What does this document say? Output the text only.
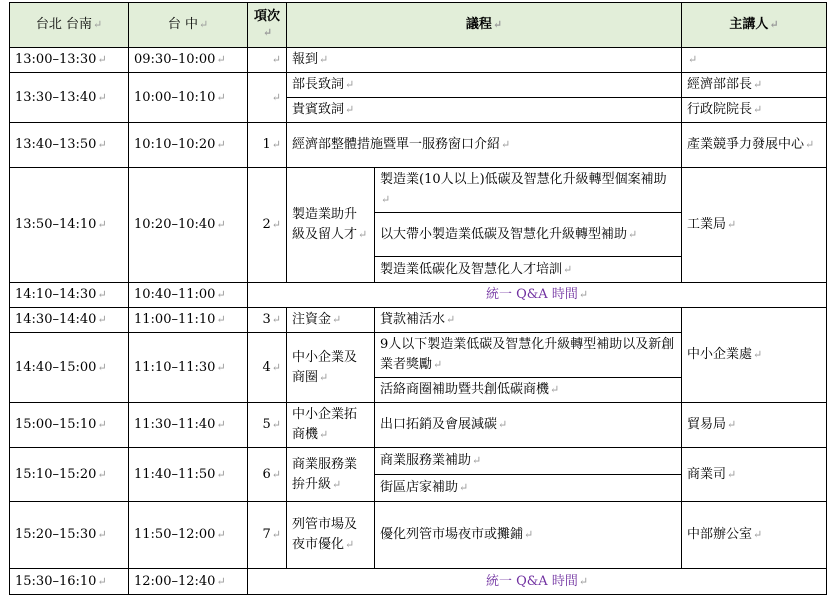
台北 台南↵	台 中↵	項次↵	議程↵		主講人↵
13:00–13:30↵	09:30–10:00↵	↵	報到↵		↵
13:30–13:40↵	10:00–10:10↵	↵	部長致詞↵		經濟部部長↵
			貴賓致詞↵		行政院院長↵
13:40–13:50↵	10:10–10:20↵	1↵	經濟部整體措施暨單一服務窗口介紹↵		產業競爭力發展中心↵
13:50–14:10↵	10:20–10:40↵	2↵	製造業助升級及留人才↵	製造業(10人以上)低碳及智慧化升級轉型個案補助↵	工業局↵
				以大帶小製造業低碳及智慧化升級轉型補助↵	
				製造業低碳化及智慧化人才培訓↵	
14:10–14:30↵	10:40–11:00↵	統一 Q&A 時間↵			
14:30–14:40↵	11:00–11:10↵	3↵	注資金↵	貸款補活水↵	中小企業處↵
14:40–15:00↵	11:10–11:30↵	4↵	中小企業及商圈↵	9人以下製造業低碳及智慧化升級轉型補助以及新創業者獎勵↵	
				活絡商圈補助暨共創低碳商機↵	
15:00–15:10↵	11:30–11:40↵	5↵	中小企業拓商機↵	出口拓銷及會展減碳↵	貿易局↵
15:10–15:20↵	11:40–11:50↵	6↵	商業服務業拚升級↵	商業服務業補助↵	商業司↵
				街區店家補助↵	
15:20–15:30↵	11:50–12:00↵	7↵	列管市場及夜市優化↵	優化列管市場夜市或攤鋪↵	中部辦公室↵
15:30–16:10↵	12:00–12:40↵	統一 Q&A 時間↵			
